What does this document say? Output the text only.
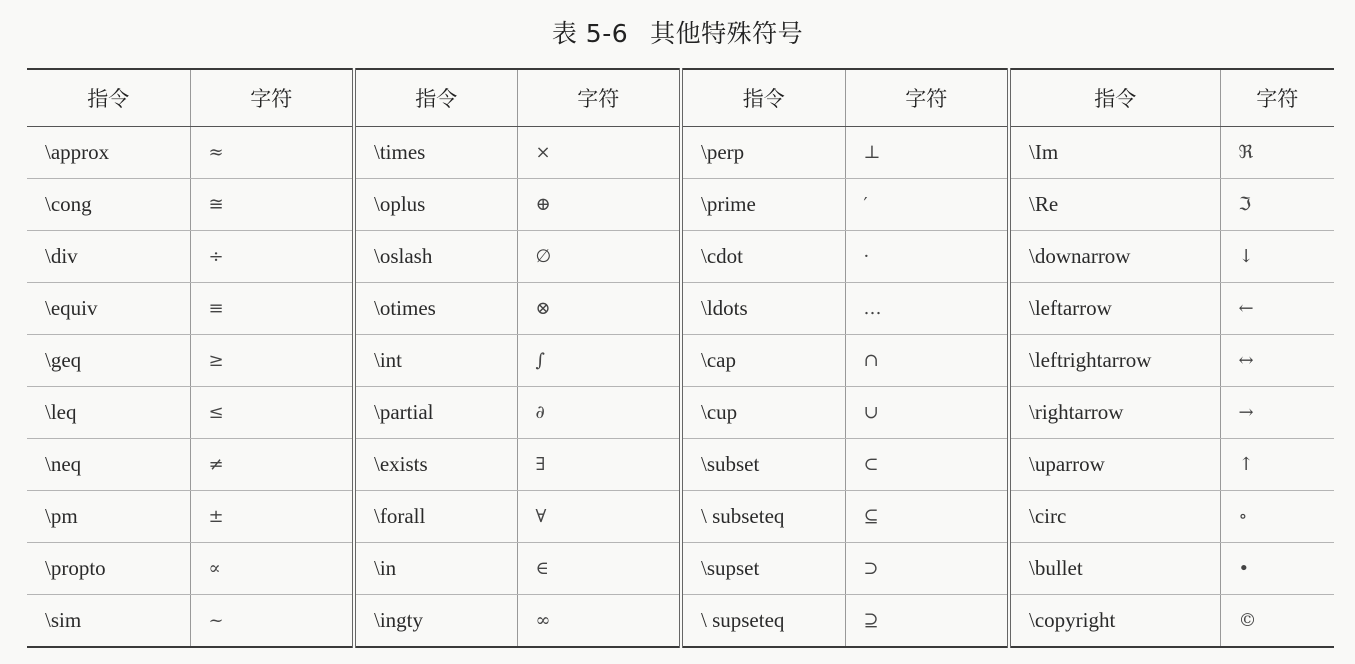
表 5-6 其他特殊符号
指令	字符	指令	字符	指令	字符	指令	字符
\approx	≈	\times	×	\perp	⊥	\Im	ℜ
\cong	≅	\oplus	⊕	\prime	′	\Re	ℑ
\div	÷	\oslash	∅	\cdot	·	\downarrow	↓
\equiv	≡	\otimes	⊗	\ldots	…	\leftarrow	←
\geq	≥	\int	∫	\cap	∩	\leftrightarrow	↔
\leq	≤	\partial	∂	\cup	∪	\rightarrow	→
\neq	≠	\exists	∃	\subset	⊂	\uparrow	↑
\pm	±	\forall	∀	\ subseteq	⊆	\circ	∘
\propto	∝	\in	∈	\supset	⊃	\bullet	•
\sim	~	\ingty	∞	\ supseteq	⊇	\copyright	©
